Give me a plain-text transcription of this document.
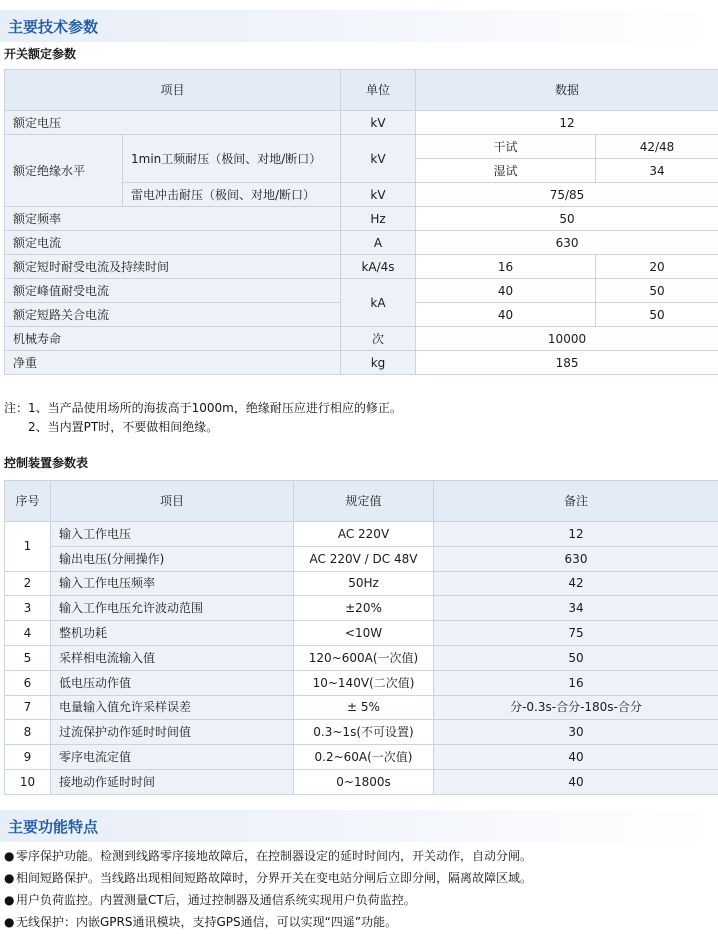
主要技术参数
开关额定参数
项目		单位	数据	
额定电压		kV	12	
额定绝缘水平	1min工频耐压（极间、对地/断口）	kV	干试	42/48
			湿试	34
	雷电冲击耐压（极间、对地/断口）	kV	75/85	
额定频率		Hz	50	
额定电流		A	630	
额定短时耐受电流及持续时间		kA/4s	16	20
额定峰值耐受电流		kA	40	50
额定短路关合电流			40	50
机械寿命		次	10000	
净重		kg	185	
注：1、当产品使用场所的海拔高于1000m，绝缘耐压应进行相应的修正。
2、当内置PT时，不要做相间绝缘。
控制装置参数表
序号	项目	规定值	备注
1	输入工作电压	AC 220V	12
	输出电压(分闸操作)	AC 220V / DC 48V	630
2	输入工作电压频率	50Hz	42
3	输入工作电压允许波动范围	±20%	34
4	整机功耗	<10W	75
5	采样相电流输入值	120~600A(一次值)	50
6	低电压动作值	10~140V(二次值)	16
7	电量输入值允许采样误差	± 5%	分-0.3s-合分-180s-合分
8	过流保护动作延时时间值	0.3~1s(不可设置)	30
9	零序电流定值	0.2~60A(一次值)	40
10	接地动作延时时间	0~1800s	40
主要功能特点
● 零序保护功能。检测到线路零序接地故障后，在控制器设定的延时时间内，开关动作，自动分闸。
● 相间短路保护。当线路出现相间短路故障时，分界开关在变电站分闸后立即分闸，隔离故障区域。
● 用户负荷监控。内置测量CT后，通过控制器及通信系统实现用户负荷监控。
● 无线保护：内嵌GPRS通讯模块，支持GPS通信，可以实现“四遥”功能。
